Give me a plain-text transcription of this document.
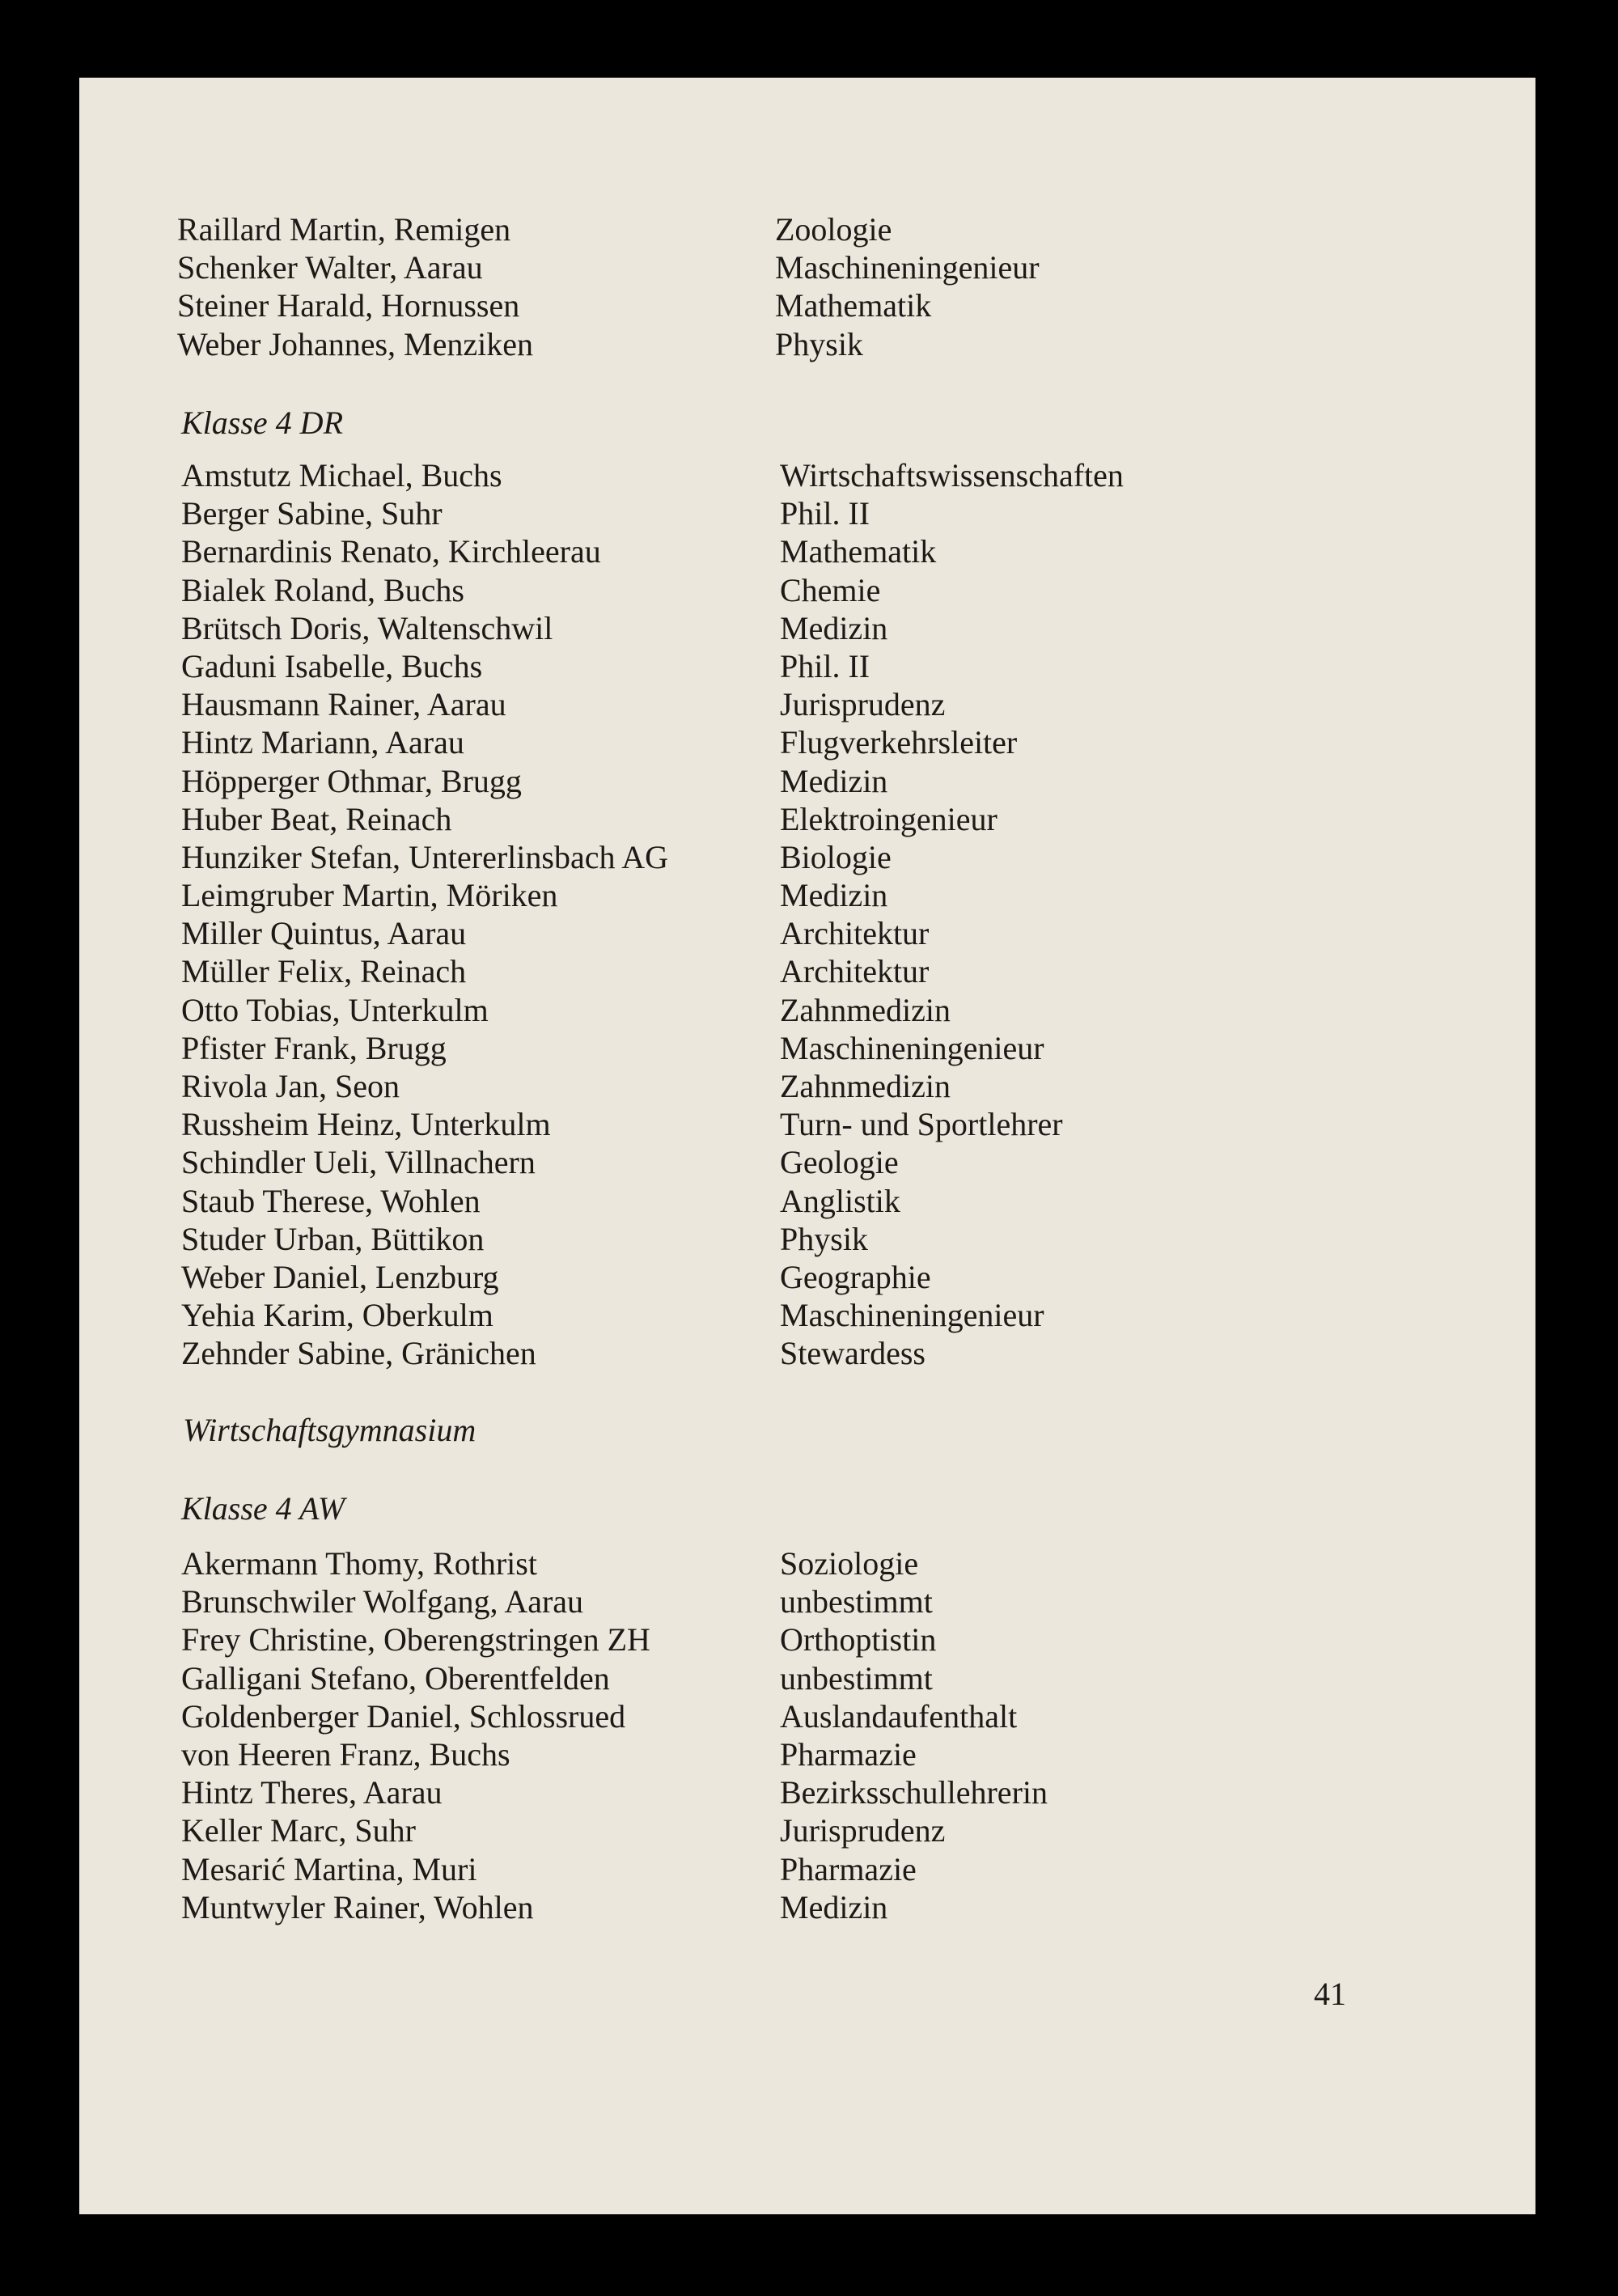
Raillard Martin, Remigen	Zoologie
Schenker Walter, Aarau	Maschineningenieur
Steiner Harald, Hornussen	Mathematik
Weber Johannes, Menziken	Physik
Klasse 4 DR
Amstutz Michael, Buchs	Wirtschaftswissenschaften
Berger Sabine, Suhr	Phil. II
Bernardinis Renato, Kirchleerau	Mathematik
Bialek Roland, Buchs	Chemie
Brütsch Doris, Waltenschwil	Medizin
Gaduni Isabelle, Buchs	Phil. II
Hausmann Rainer, Aarau	Jurisprudenz
Hintz Mariann, Aarau	Flugverkehrsleiter
Höpperger Othmar, Brugg	Medizin
Huber Beat, Reinach	Elektroingenieur
Hunziker Stefan, Untererlinsbach AG	Biologie
Leimgruber Martin, Möriken	Medizin
Miller Quintus, Aarau	Architektur
Müller Felix, Reinach	Architektur
Otto Tobias, Unterkulm	Zahnmedizin
Pfister Frank, Brugg	Maschineningenieur
Rivola Jan, Seon	Zahnmedizin
Russheim Heinz, Unterkulm	Turn- und Sportlehrer
Schindler Ueli, Villnachern	Geologie
Staub Therese, Wohlen	Anglistik
Studer Urban, Büttikon	Physik
Weber Daniel, Lenzburg	Geographie
Yehia Karim, Oberkulm	Maschineningenieur
Zehnder Sabine, Gränichen	Stewardess
Wirtschaftsgymnasium
Klasse 4 AW
Akermann Thomy, Rothrist	Soziologie
Brunschwiler Wolfgang, Aarau	unbestimmt
Frey Christine, Oberengstringen ZH	Orthoptistin
Galligani Stefano, Oberentfelden	unbestimmt
Goldenberger Daniel, Schlossrued	Auslandaufenthalt
von Heeren Franz, Buchs	Pharmazie
Hintz Theres, Aarau	Bezirksschullehrerin
Keller Marc, Suhr	Jurisprudenz
Mesarić Martina, Muri	Pharmazie
Muntwyler Rainer, Wohlen	Medizin
41
